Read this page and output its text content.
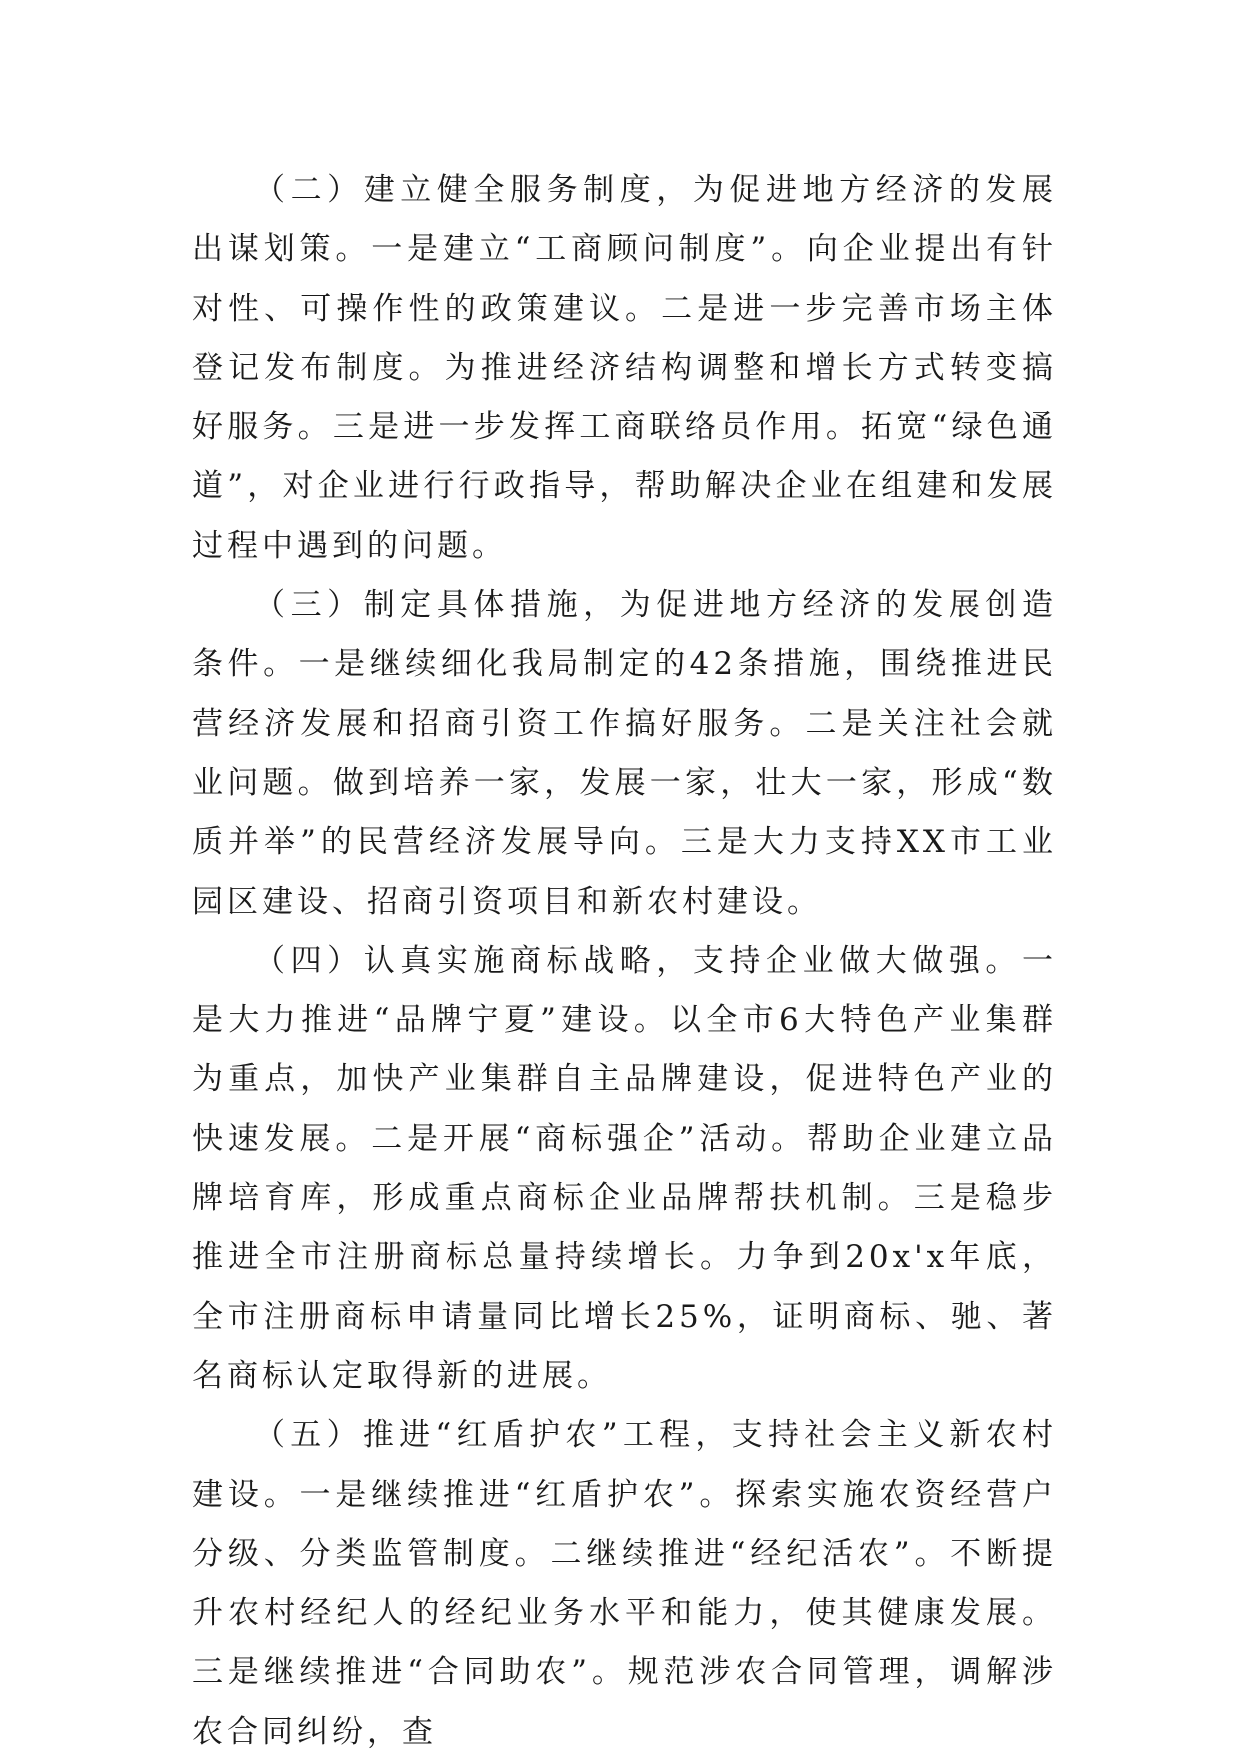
（二）建立健全服务制度，为促进地方经济的发展出谋划策。一是建立“工商顾问制度”。向企业提出有针对性、可操作性的政策建议。二是进一步完善市场主体登记发布制度。为推进经济结构调整和增长方式转变搞好服务。三是进一步发挥工商联络员作用。拓宽“绿色通道”，对企业进行行政指导，帮助解决企业在组建和发展过程中遇到的问题。

（三）制定具体措施，为促进地方经济的发展创造条件。一是继续细化我局制定的42条措施，围绕推进民营经济发展和招商引资工作搞好服务。二是关注社会就业问题。做到培养一家，发展一家，壮大一家，形成“数质并举”的民营经济发展导向。三是大力支持XX市工业园区建设、招商引资项目和新农村建设。

（四）认真实施商标战略，支持企业做大做强。一是大力推进“品牌宁夏”建设。以全市6大特色产业集群为重点，加快产业集群自主品牌建设，促进特色产业的快速发展。二是开展“商标强企”活动。帮助企业建立品牌培育库，形成重点商标企业品牌帮扶机制。三是稳步推进全市注册商标总量持续增长。力争到20x'x年底，全市注册商标申请量同比增长25%，证明商标、驰、著名商标认定取得新的进展。

（五）推进“红盾护农”工程，支持社会主义新农村建设。一是继续推进“红盾护农”。探索实施农资经营户分级、分类监管制度。二继续推进“经纪活农”。不断提升农村经纪人的经纪业务水平和能力，使其健康发展。三是继续推进“合同助农”。规范涉农合同管理，调解涉农合同纠纷，查
